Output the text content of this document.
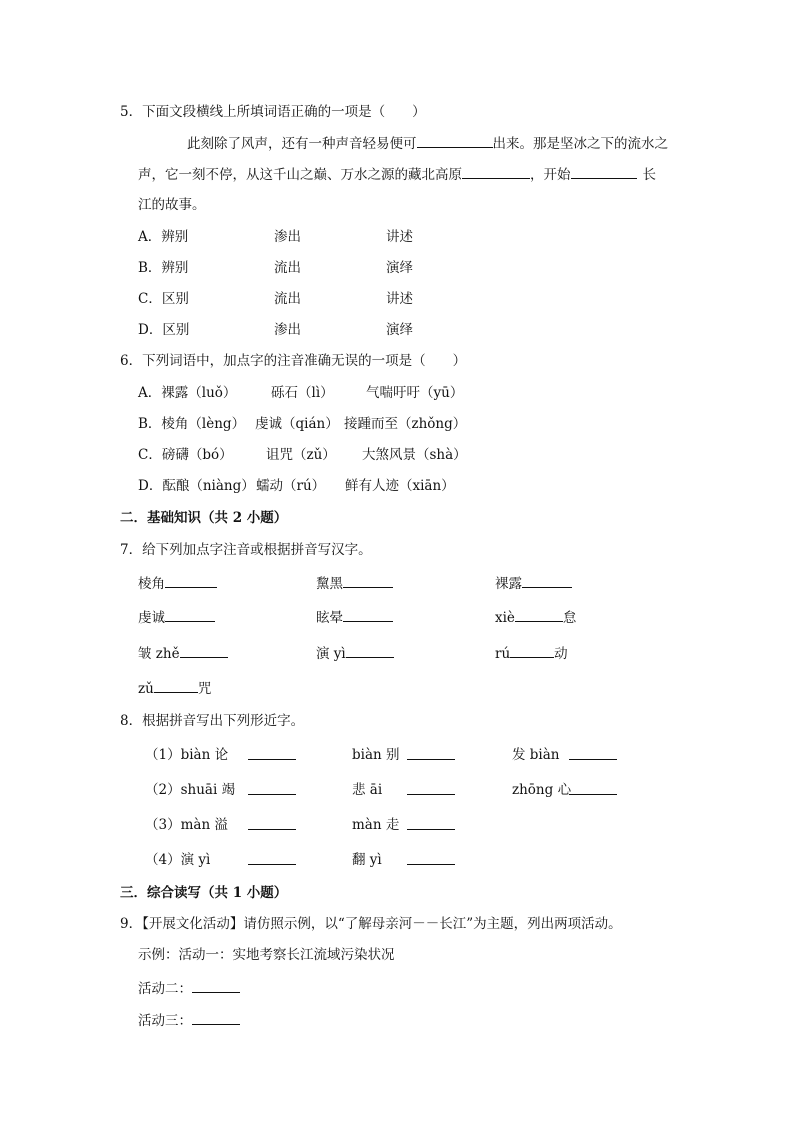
5．下面文段横线上所填词语正确的一项是（　　）
此刻除了风声，还有一种声音轻易便可	出来。那是坚冰之下的流水之
声，它一刻不停，从这千山之巅、万水之源的藏北高原	，开始	长
江的故事。
A．辨别	渗出	讲述
B．辨别	流出	演绎
C．区别	流出	讲述
D．区别	渗出	演绎
6．下列词语中，加点字的注音准确无误的一项是（　　）
A．裸露（luǒ）	砾石（lì） 气喘吁吁（yū）
B．棱角（lèng） 虔诚（qián） 接踵而至（zhǒng）
C．磅礴（bó） 诅咒（zǔ） 大煞风景（shà）
D．酝酿（niàng） 蠕动（rú） 鲜有人迹（xiān）
二．基础知识（共 2 小题）
7．给下列加点字注音或根据拼音写汉字。
棱角	黧黑	裸露
虔诚	眩晕	xiè	怠
皱 zhě	演 yì	rú	动
zǔ	咒
8．根据拼音写出下列形近字。
（1）biàn 论	biàn 别	发 biàn
（2）shuāi 竭	悲 āi	zhōng 心
（3）màn 溢	màn 走
（4）演 yì	翻 yì
三．综合读写（共 1 小题）
9．【开展文化活动】请仿照示例，以“了解母亲河－－长江”为主题，列出两项活动。
示例：活动一：实地考察长江流域污染状况
活动二：
活动三：
